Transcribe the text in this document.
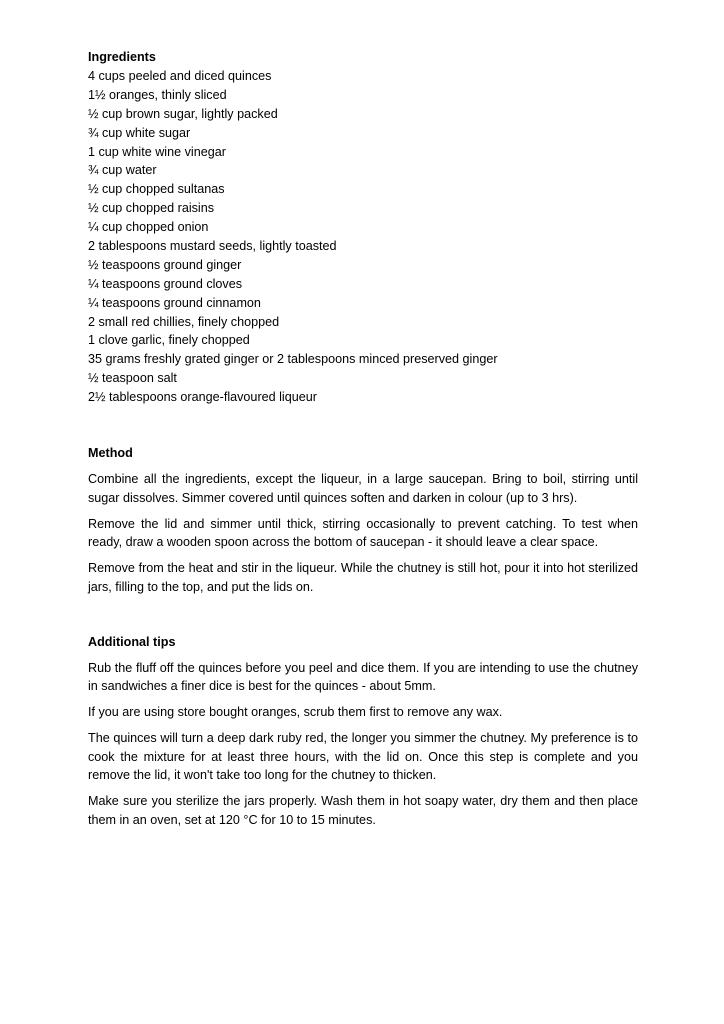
Ingredients
4 cups peeled and diced quinces
1½ oranges, thinly sliced
½ cup brown sugar, lightly packed
¾ cup white sugar
1 cup white wine vinegar
¾ cup water
½ cup chopped sultanas
½ cup chopped raisins
¼ cup chopped onion
2 tablespoons mustard seeds, lightly toasted
½ teaspoons ground ginger
¼ teaspoons ground cloves
¼ teaspoons ground cinnamon
2 small red chillies, finely chopped
1 clove garlic, finely chopped
35 grams freshly grated ginger or 2 tablespoons minced preserved ginger
½ teaspoon salt
2½ tablespoons orange-flavoured liqueur
Method

Combine all the ingredients, except the liqueur, in a large saucepan. Bring to boil, stirring until sugar dissolves. Simmer covered until quinces soften and darken in colour (up to 3 hrs).

Remove the lid and simmer until thick, stirring occasionally to prevent catching. To test when ready, draw a wooden spoon across the bottom of saucepan - it should leave a clear space.

Remove from the heat and stir in the liqueur. While the chutney is still hot, pour it into hot sterilized jars, filling to the top, and put the lids on.

Additional tips

Rub the fluff off the quinces before you peel and dice them. If you are intending to use the chutney in sandwiches a finer dice is best for the quinces - about 5mm.

If you are using store bought oranges, scrub them first to remove any wax.

The quinces will turn a deep dark ruby red, the longer you simmer the chutney. My preference is to cook the mixture for at least three hours, with the lid on. Once this step is complete and you remove the lid, it won't take too long for the chutney to thicken.

Make sure you sterilize the jars properly. Wash them in hot soapy water, dry them and then place them in an oven, set at 120 °C for 10 to 15 minutes.
